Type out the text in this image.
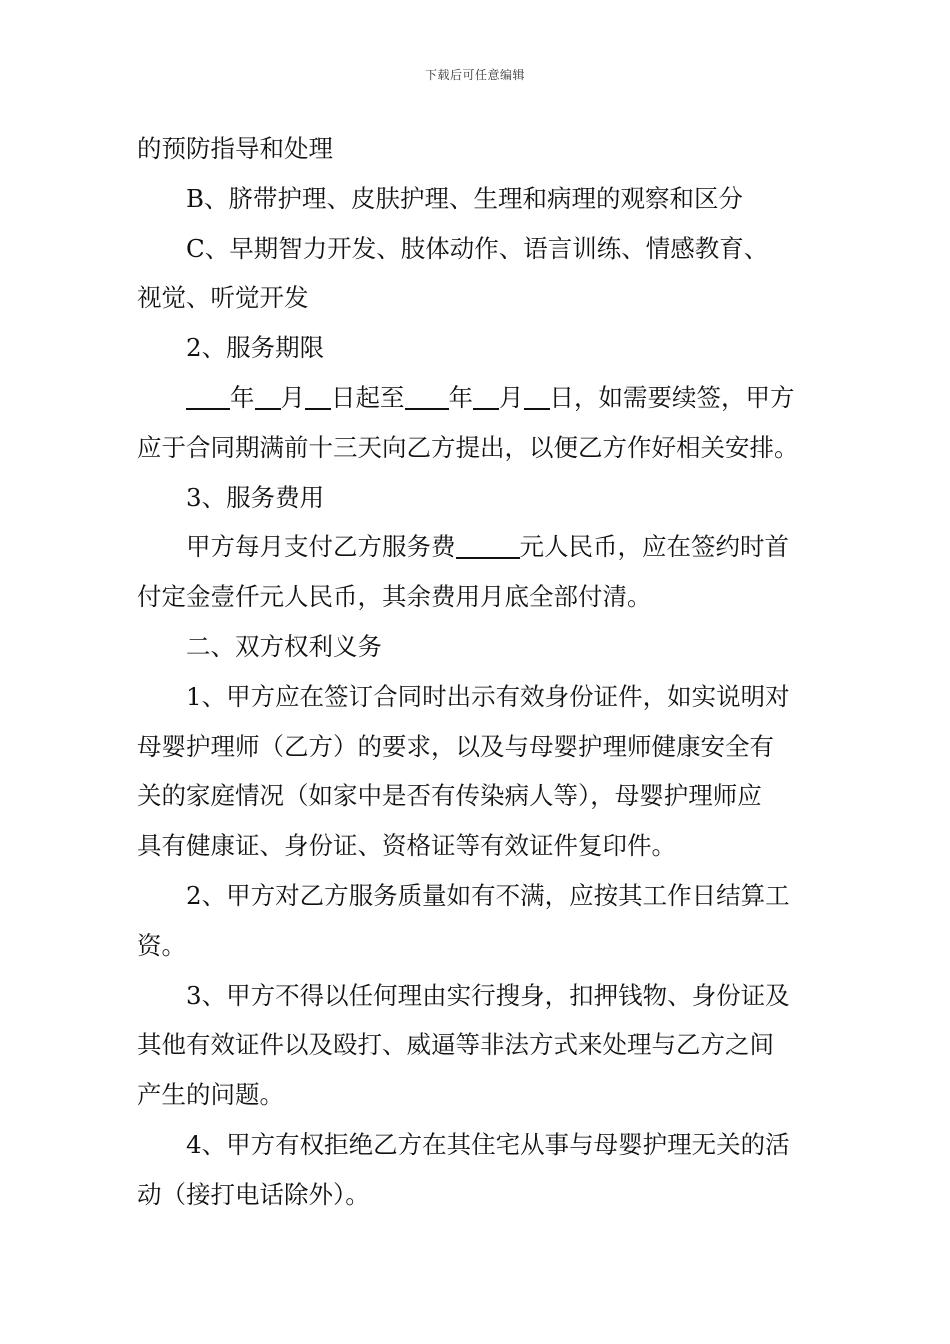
下载后可任意编辑
的预防指导和处理
B、脐带护理、皮肤护理、生理和病理的观察和区分
C、早期智力开发、肢体动作、语言训练、情感教育、
视觉、听觉开发
2、服务期限
年 月 日起至 年 月 日，如需要续签，甲方
应于合同期满前十三天向乙方提出，以便乙方作好相关安排。
3、服务费用
甲方每月支付乙方服务费	元人民币，应在签约时首
付定金壹仟元人民币，其余费用月底全部付清。
二、双方权利义务
1、甲方应在签订合同时出示有效身份证件，如实说明对
母婴护理师（乙方）的要求，以及与母婴护理师健康安全有
关的家庭情况（如家中是否有传染病人等），母婴护理师应
具有健康证、身份证、资格证等有效证件复印件。
2、甲方对乙方服务质量如有不满，应按其工作日结算工
资。
3、甲方不得以任何理由实行搜身，扣押钱物、身份证及
其他有效证件以及殴打、威逼等非法方式来处理与乙方之间
产生的问题。
4、甲方有权拒绝乙方在其住宅从事与母婴护理无关的活
动（接打电话除外）。
